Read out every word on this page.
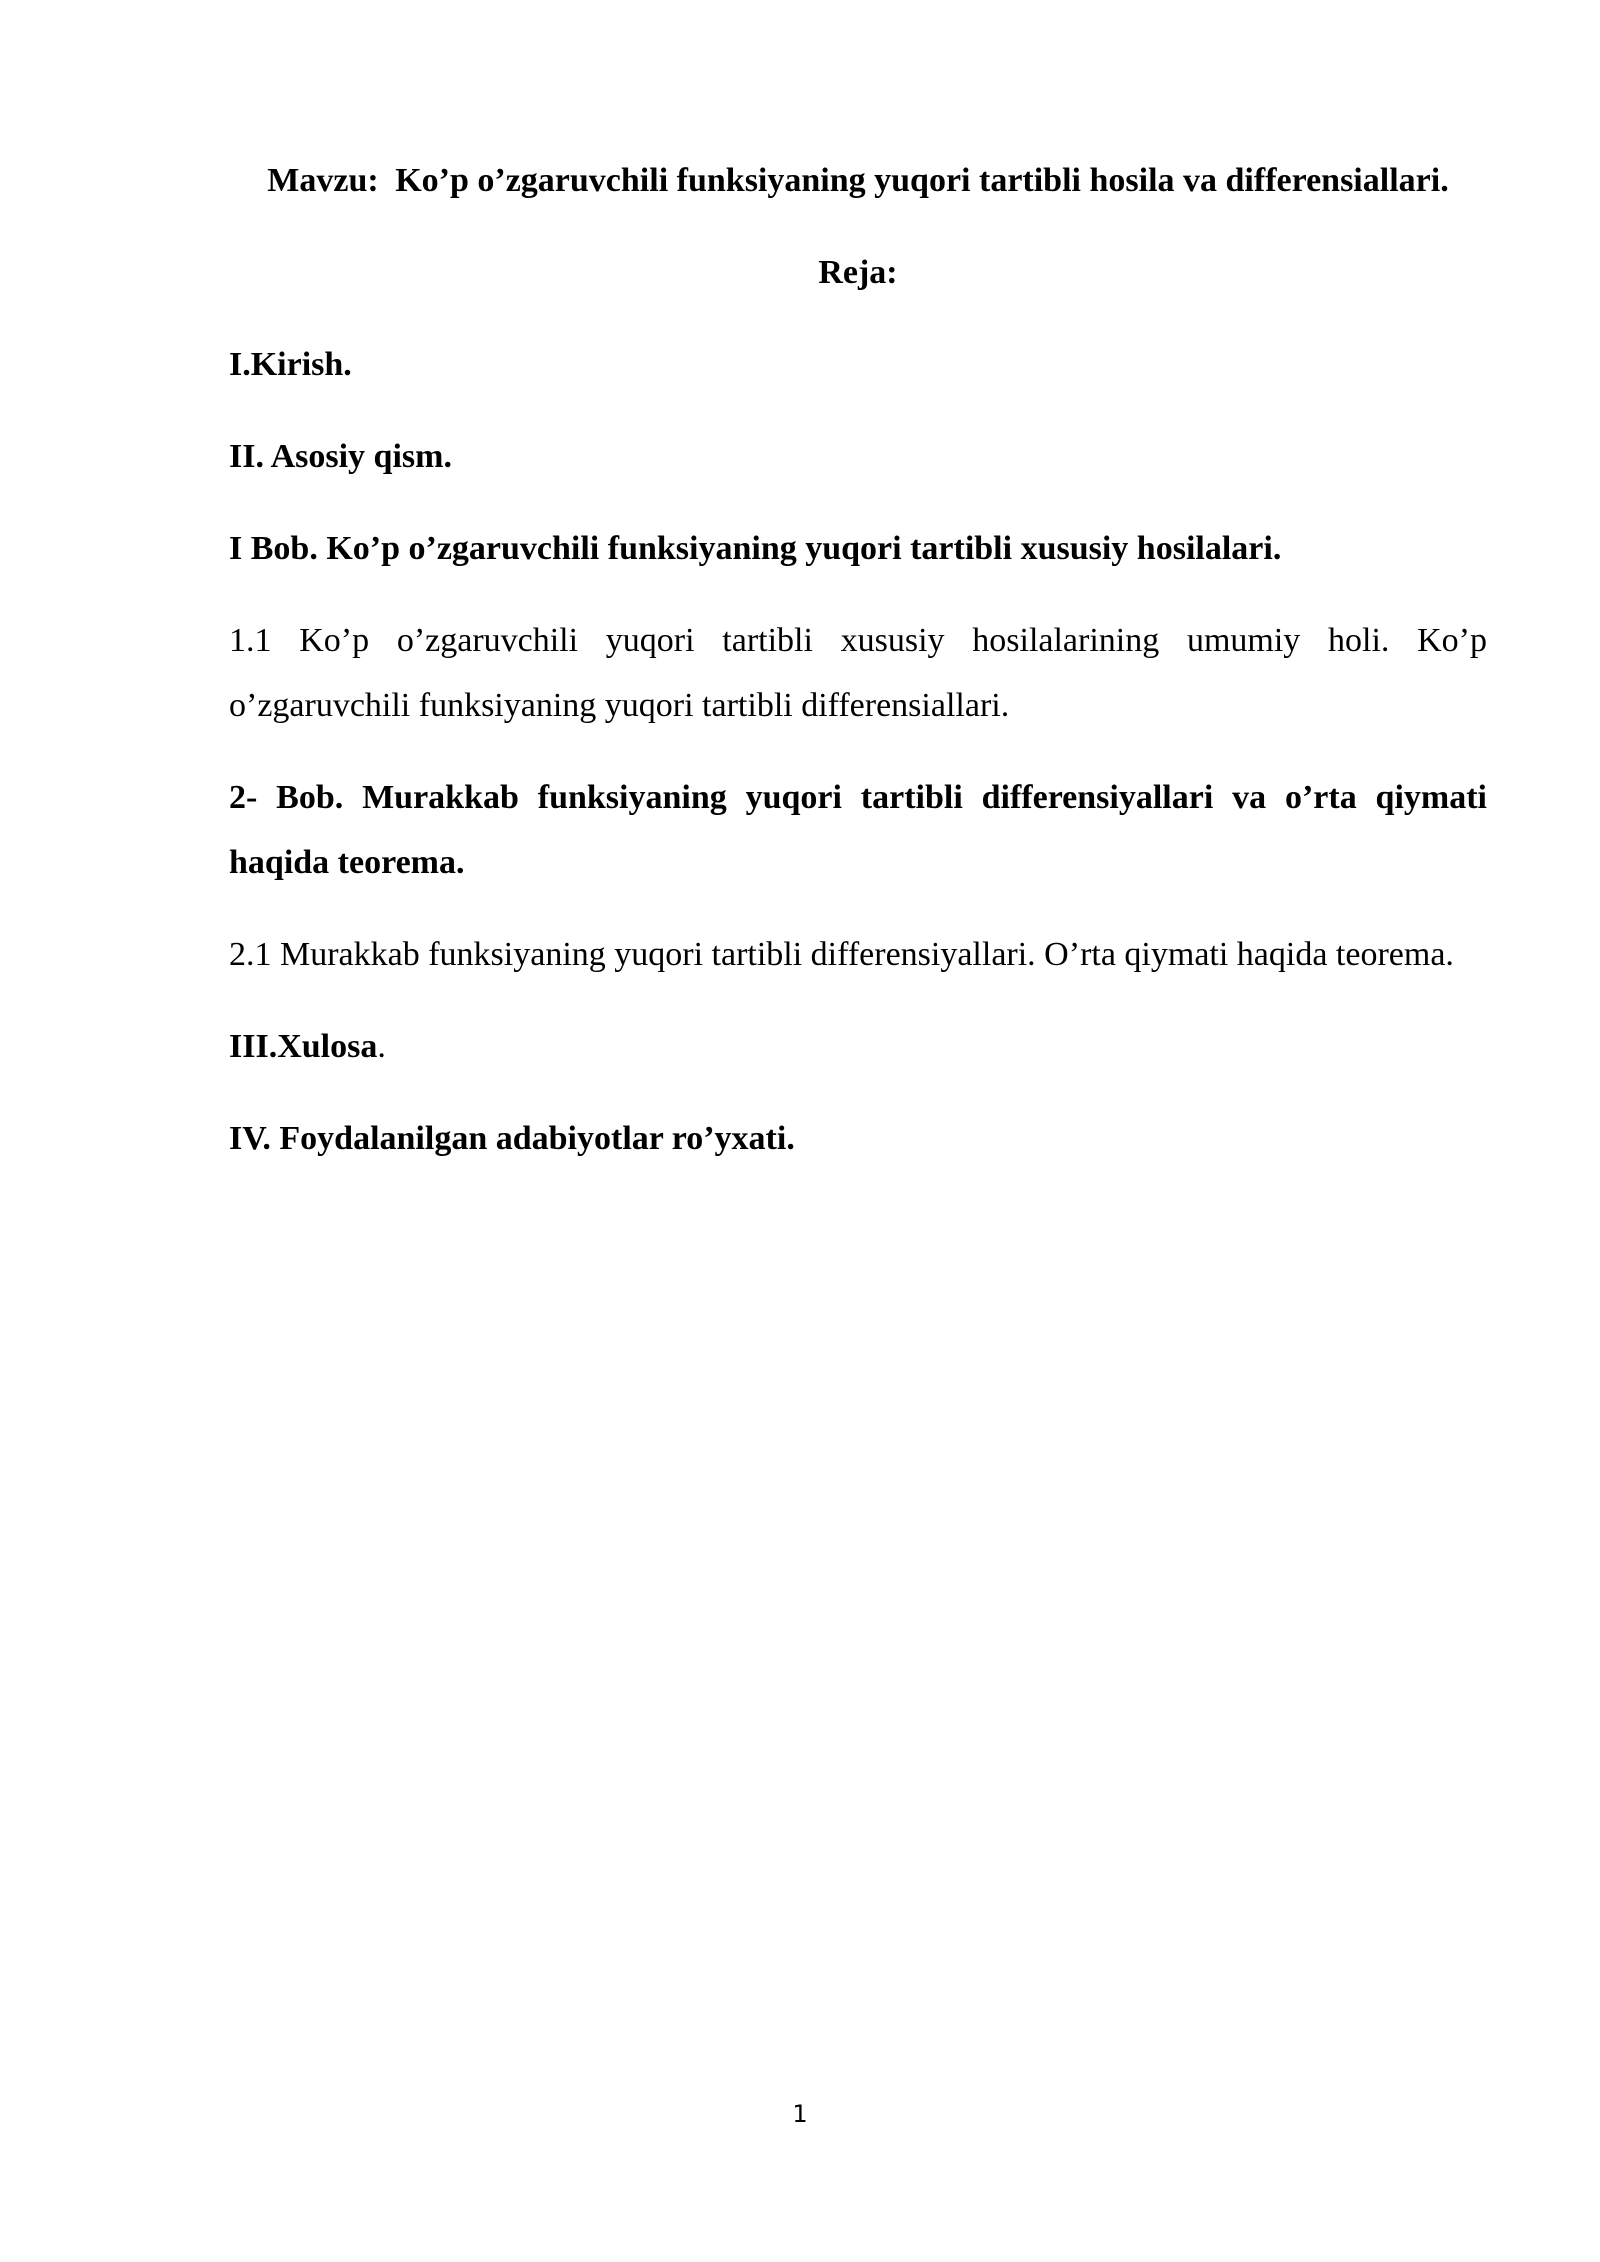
Mavzu: Ko’p o’zgaruvchili funksiyaning yuqori tartibli hosila va differensiallari.
Reja:
I.Kirish.
II. Asosiy qism.
I Bob. Ko’p o’zgaruvchili funksiyaning yuqori tartibli xususiy hosilalari.
1.1 Ko’p o’zgaruvchili yuqori tartibli xususiy hosilalarining umumiy holi. Ko’p o’zgaruvchili funksiyaning yuqori tartibli differensiallari.
2- Bob. Murakkab funksiyaning yuqori tartibli differensiyallari va o’rta qiymati haqida teorema.
2.1 Murakkab funksiyaning yuqori tartibli differensiyallari. O’rta qiymati haqida teorema.
III.Xulosa.
IV. Foydalanilgan adabiyotlar ro’yxati.
1
